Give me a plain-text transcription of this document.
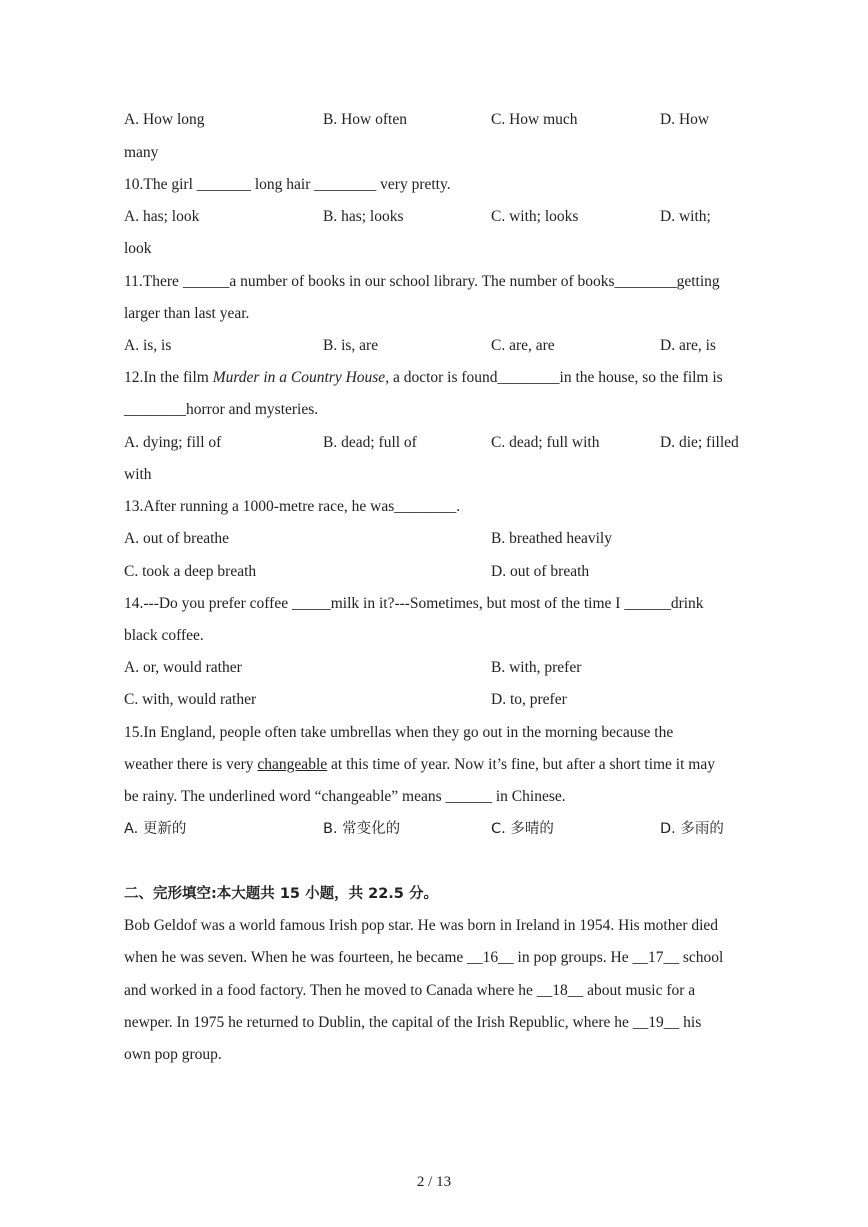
A. How long	B. How often	C. How much	D. How
many
10.The girl _______ long hair ________ very pretty.
A. has; look	B. has; looks	C. with; looks	D. with;
look
11.There ______a number of books in our school library. The number of books________getting
larger than last year.
A. is, is	B. is, are	C. are, are	D. are, is
12.In the film Murder in a Country House, a doctor is found________in the house, so the film is
________horror and mysteries.
A. dying; fill of	B. dead; full of	C. dead; full with	D. die; filled
with
13.After running a 1000-metre race, he was________.
A. out of breathe	B. breathed heavily
C. took a deep breath	D. out of breath
14.---Do you prefer coffee _____milk in it?---Sometimes, but most of the time I ______drink
black coffee.
A. or, would rather	B. with, prefer
C. with, would rather	D. to, prefer
15.In England, people often take umbrellas when they go out in the morning because the
weather there is very changeable at this time of year. Now it’s fine, but after a short time it may
be rainy. The underlined word “changeable” means ______ in Chinese.
A. 更新的	B. 常变化的	C. 多晴的	D. 多雨的
二、完形填空:本大题共 15 小题，共 22.5 分。
Bob Geldof was a world famous Irish pop star. He was born in Ireland in 1954. His mother died
when he was seven. When he was fourteen, he became __16__ in pop groups. He __17__ school
and worked in a food factory. Then he moved to Canada where he __18__ about music for a
newper. In 1975 he returned to Dublin, the capital of the Irish Republic, where he __19__ his
own pop group.
2 / 13
